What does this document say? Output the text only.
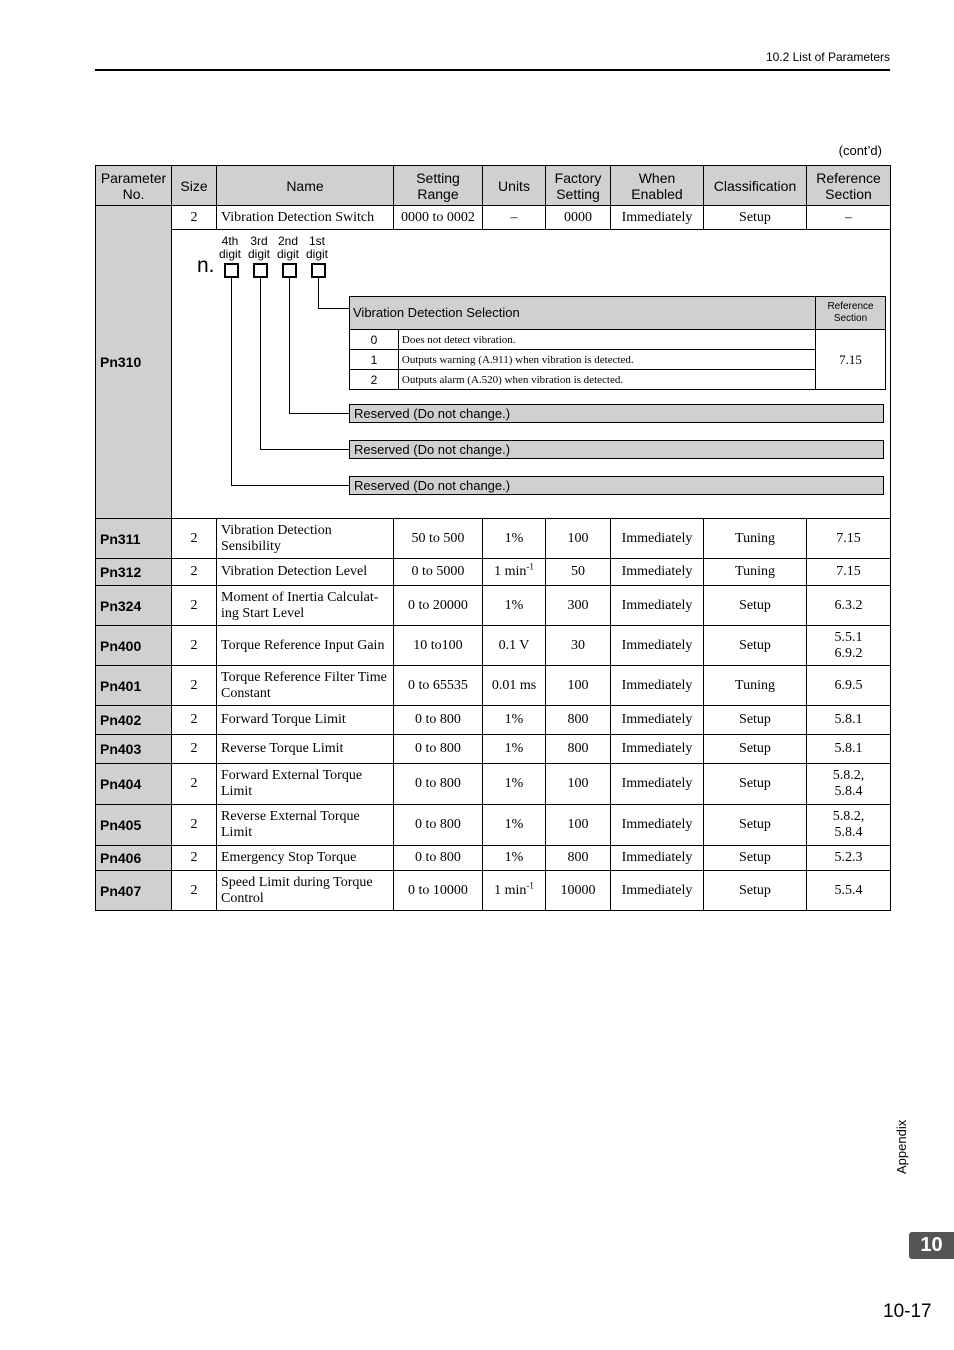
10.2 List of Parameters
(cont’d)
Parameter No.	Size	Name	Setting Range	Units	Factory Setting	When Enabled	Classification	Reference Section
Pn310	2	Vibration Detection Switch	0000 to 0002	–	0000	Immediately	Setup	–

4th digit
3rd digit
2nd digit
1st digit
n.
Vibration Detection Selection	Reference Section
0	Does not detect vibration.	7.15
1	Outputs warning (A.911) when vibration is detected.
2	Outputs alarm (A.520) when vibration is detected.
Reserved (Do not change.)
Reserved (Do not change.)
Reserved (Do not change.)

Pn311	2	Vibration Detection Sensibility	50 to 500	1%	100	Immediately	Tuning	7.15
Pn312	2	Vibration Detection Level	0 to 5000	1 $\min^{-1}$	50	Immediately	Tuning	7.15
Pn324	2	Moment of Inertia Calculat-ing Start Level	0 to 20000	1%	300	Immediately	Setup	6.3.2
Pn400	2	Torque Reference Input Gain	10 to100	0.1 V	30	Immediately	Setup	5.5.1
6.9.2
Pn401	2	Torque Reference Filter Time Constant	0 to 65535	0.01 ms	100	Immediately	Tuning	6.9.5
Pn402	2	Forward Torque Limit	0 to 800	1%	800	Immediately	Setup	5.8.1
Pn403	2	Reverse Torque Limit	0 to 800	1%	800	Immediately	Setup	5.8.1
Pn404	2	Forward External Torque Limit	0 to 800	1%	100	Immediately	Setup	5.8.2,
5.8.4
Pn405	2	Reverse External Torque Limit	0 to 800	1%	100	Immediately	Setup	5.8.2,
5.8.4
Pn406	2	Emergency Stop Torque	0 to 800	1%	800	Immediately	Setup	5.2.3
Pn407	2	Speed Limit during Torque Control	0 to 10000	1 $\min^{-1}$	10000	Immediately	Setup	5.5.4
Appendix
10
10-17
